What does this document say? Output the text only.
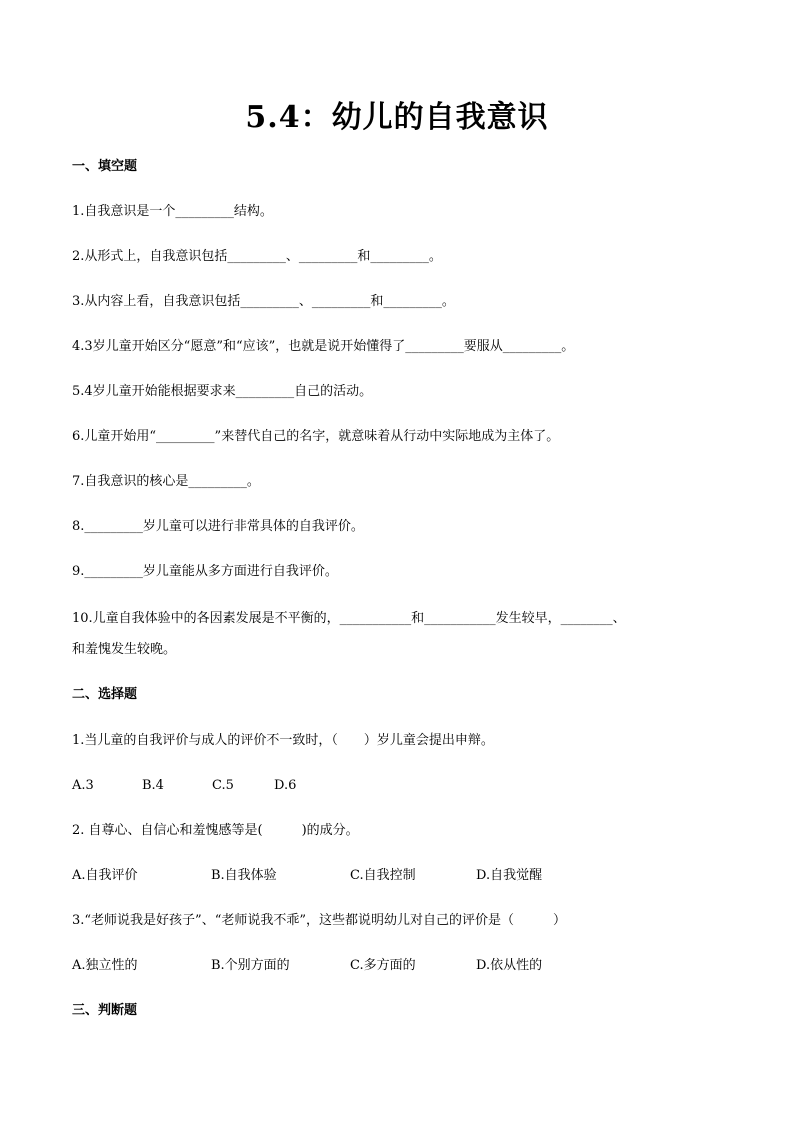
5.4：幼儿的自我意识
一、填空题
1.自我意识是一个_________结构。
2.从形式上，自我意识包括_________、_________和_________。
3.从内容上看，自我意识包括_________、_________和_________。
4.3岁儿童开始区分“愿意”和“应该”，也就是说开始懂得了_________要服从_________。
5.4岁儿童开始能根据要求来_________自己的活动。
6.儿童开始用“_________”来替代自己的名字，就意味着从行动中实际地成为主体了。
7.自我意识的核心是_________。
8._________岁儿童可以进行非常具体的自我评价。
9._________岁儿童能从多方面进行自我评价。
10.儿童自我体验中的各因素发展是不平衡的，___________和___________发生较早，________、
和羞愧发生较晚。
二、选择题
1.当儿童的自我评价与成人的评价不一致时，（　　）岁儿童会提出申辩。
A.3	B.4	C.5	D.6
2. 自尊心、自信心和羞愧感等是(　　　)的成分。
A.自我评价	B.自我体验	C.自我控制	D.自我觉醒
3.“老师说我是好孩子”、“老师说我不乖”，这些都说明幼儿对自己的评价是（　　　）
A.独立性的	B.个别方面的	C.多方面的	D.依从性的
三、判断题
